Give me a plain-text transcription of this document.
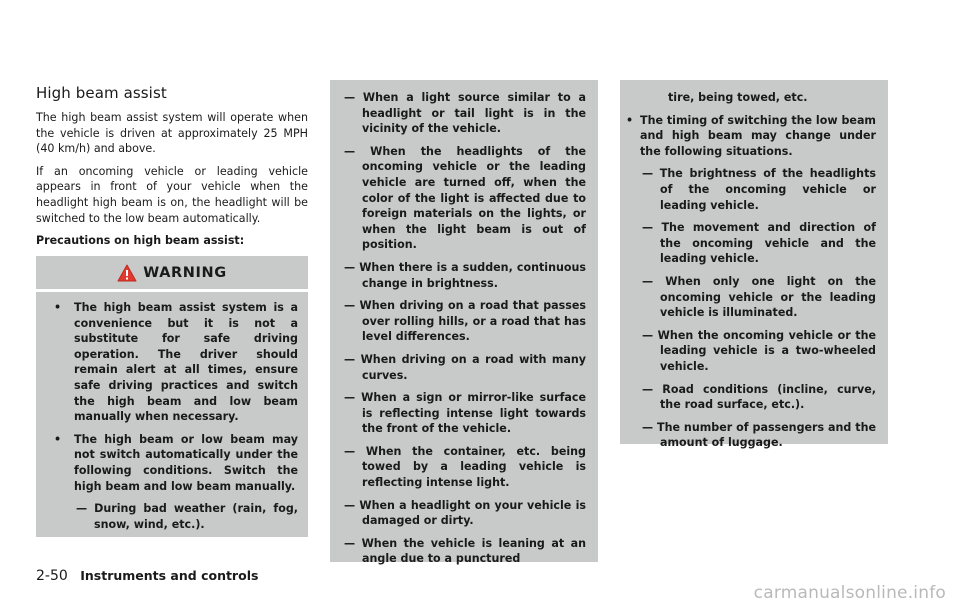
High beam assist

The high beam assist system will operate when the vehicle is driven at approximately 25 MPH (40 km/h) and above.

If an oncoming vehicle or leading vehicle appears in front of your vehicle when the headlight high beam is on, the headlight will be switched to the low beam automatically.

Precautions on high beam assist:

WARNING
• The high beam assist system is a convenience but it is not a substitute for safe driving operation. The driver should remain alert at all times, ensure safe driving practices and switch the high beam and low beam manually when necessary.
• The high beam or low beam may not switch automatically under the following conditions. Switch the high beam and low beam manually.
— During bad weather (rain, fog, snow, wind, etc.).
— When a light source similar to a headlight or tail light is in the vicinity of the vehicle.
— When the headlights of the oncoming vehicle or the leading vehicle are turned off, when the color of the light is affected due to foreign materials on the lights, or when the light beam is out of position.
— When there is a sudden, continuous change in brightness.
— When driving on a road that passes over rolling hills, or a road that has level differences.
— When driving on a road with many curves.
— When a sign or mirror-like surface is reflecting intense light towards the front of the vehicle.
— When the container, etc. being towed by a leading vehicle is reflecting intense light.
— When a headlight on your vehicle is damaged or dirty.
— When the vehicle is leaning at an angle due to a punctured
tire, being towed, etc.
• The timing of switching the low beam and high beam may change under the following situations.
— The brightness of the headlights of the oncoming vehicle or leading vehicle.
— The movement and direction of the oncoming vehicle and the leading vehicle.
— When only one light on the oncoming vehicle or the leading vehicle is illuminated.
— When the oncoming vehicle or the leading vehicle is a two-wheeled vehicle.
— Road conditions (incline, curve, the road surface, etc.).
— The number of passengers and the amount of luggage.
2-50 Instruments and controls
carmanualsonline.info
